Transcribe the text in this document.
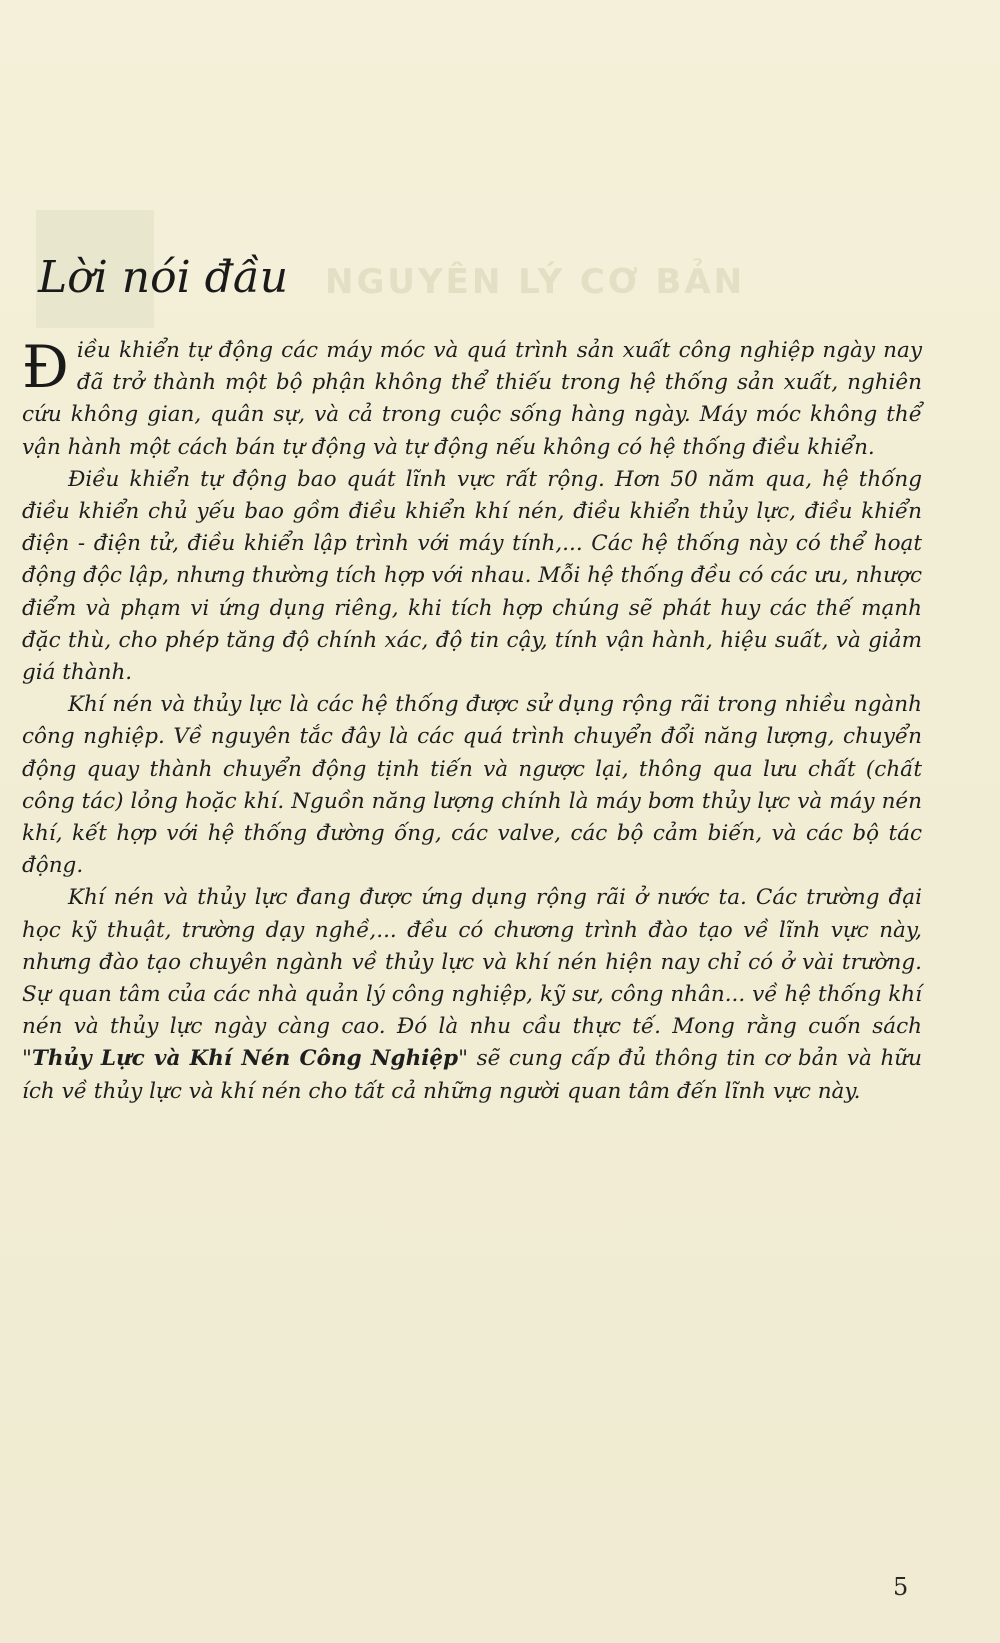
NGUYÊN LÝ CƠ BẢN
Lời nói đầu

Điều khiển tự động các máy móc và quá trình sản xuất công nghiệp ngày nay đã trở thành một bộ phận không thể thiếu trong hệ thống sản xuất, nghiên cứu không gian, quân sự, và cả trong cuộc sống hàng ngày. Máy móc không thể vận hành một cách bán tự động và tự động nếu không có hệ thống điều khiển.

Điều khiển tự động bao quát lĩnh vực rất rộng. Hơn 50 năm qua, hệ thống điều khiển chủ yếu bao gồm điều khiển khí nén, điều khiển thủy lực, điều khiển điện - điện tử, điều khiển lập trình với máy tính,... Các hệ thống này có thể hoạt động độc lập, nhưng thường tích hợp với nhau. Mỗi hệ thống đều có các ưu, nhược điểm và phạm vi ứng dụng riêng, khi tích hợp chúng sẽ phát huy các thế mạnh đặc thù, cho phép tăng độ chính xác, độ tin cậy, tính vận hành, hiệu suất, và giảm giá thành.

Khí nén và thủy lực là các hệ thống được sử dụng rộng rãi trong nhiều ngành công nghiệp. Về nguyên tắc đây là các quá trình chuyển đổi năng lượng, chuyển động quay thành chuyển động tịnh tiến và ngược lại, thông qua lưu chất (chất công tác) lỏng hoặc khí. Nguồn năng lượng chính là máy bơm thủy lực và máy nén khí, kết hợp với hệ thống đường ống, các valve, các bộ cảm biến, và các bộ tác động.

Khí nén và thủy lực đang được ứng dụng rộng rãi ở nước ta. Các trường đại học kỹ thuật, trường dạy nghề,... đều có chương trình đào tạo về lĩnh vực này, nhưng đào tạo chuyên ngành về thủy lực và khí nén hiện nay chỉ có ở vài trường. Sự quan tâm của các nhà quản lý công nghiệp, kỹ sư, công nhân... về hệ thống khí nén và thủy lực ngày càng cao. Đó là nhu cầu thực tế. Mong rằng cuốn sách "Thủy Lực và Khí Nén Công Nghiệp" sẽ cung cấp đủ thông tin cơ bản và hữu ích về thủy lực và khí nén cho tất cả những người quan tâm đến lĩnh vực này.

5
